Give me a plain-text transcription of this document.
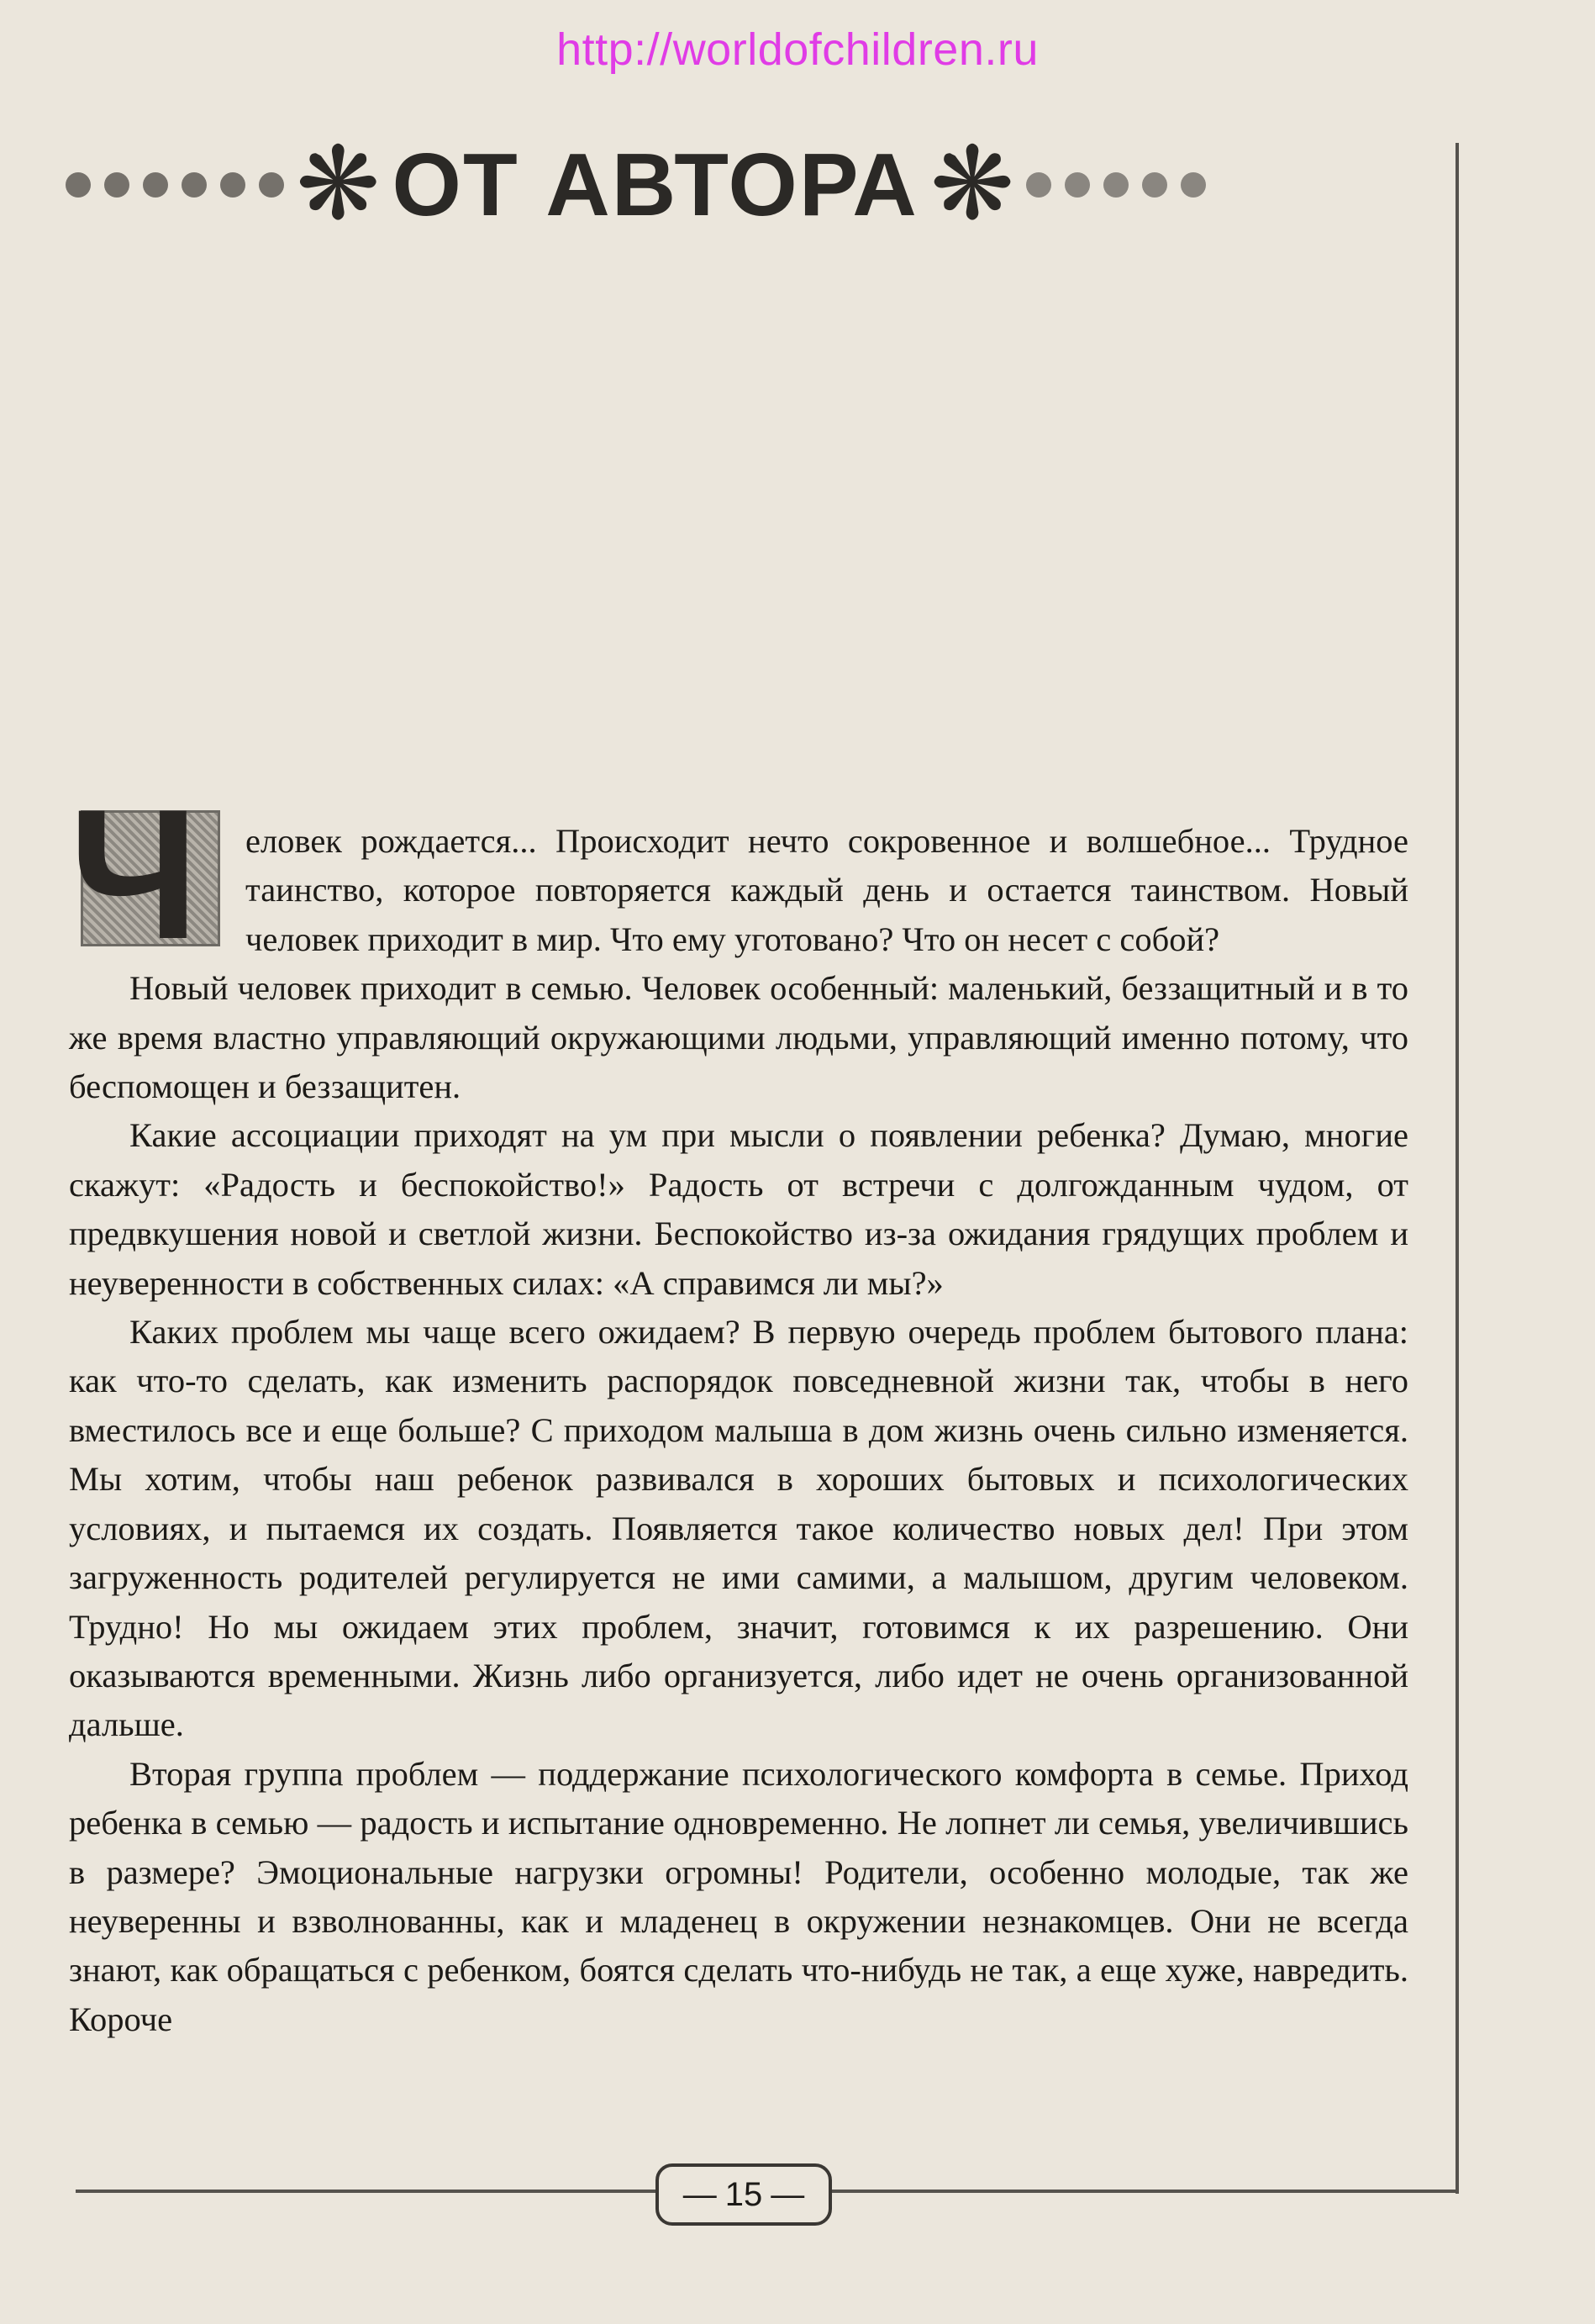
http://worldofchildren.ru
❋ ОТ АВТОРА ❋

Ч	еловек рождается... Происходит нечто сокровенное и волшебное... Трудное таинство, которое повторяется каждый день и остается таинством. Новый человек приходит в мир. Что ему уготовано? Что он несет с собой?

Новый человек приходит в семью. Человек особенный: маленький, беззащитный и в то же время властно управляющий окружающими людьми, управляющий именно потому, что беспомощен и беззащитен.

Какие ассоциации приходят на ум при мысли о появлении ребенка? Думаю, многие скажут: «Радость и беспокойство!» Радость от встречи с долгожданным чудом, от предвкушения новой и светлой жизни. Беспокойство из-за ожидания грядущих проблем и неуверенности в собственных силах: «А справимся ли мы?»

Каких проблем мы чаще всего ожидаем? В первую очередь проблем бытового плана: как что-то сделать, как изменить распорядок повседневной жизни так, чтобы в него вместилось все и еще больше? С приходом малыша в дом жизнь очень сильно изменяется. Мы хотим, чтобы наш ребенок развивался в хороших бытовых и психологических условиях, и пытаемся их создать. Появляется такое количество новых дел! При этом загруженность родителей регулируется не ими самими, а малышом, другим человеком. Трудно! Но мы ожидаем этих проблем, значит, готовимся к их разрешению. Они оказываются временными. Жизнь либо организуется, либо идет не очень организованной дальше.

Вторая группа проблем — поддержание психологического комфорта в семье. Приход ребенка в семью — радость и испытание одновременно. Не лопнет ли семья, увеличившись в размере? Эмоциональные нагрузки огромны! Родители, особенно молодые, так же неуверенны и взволнованны, как и младенец в окружении незнакомцев. Они не всегда знают, как обращаться с ребенком, боятся сделать что-нибудь не так, а еще хуже, навредить. Короче

— 15 —
